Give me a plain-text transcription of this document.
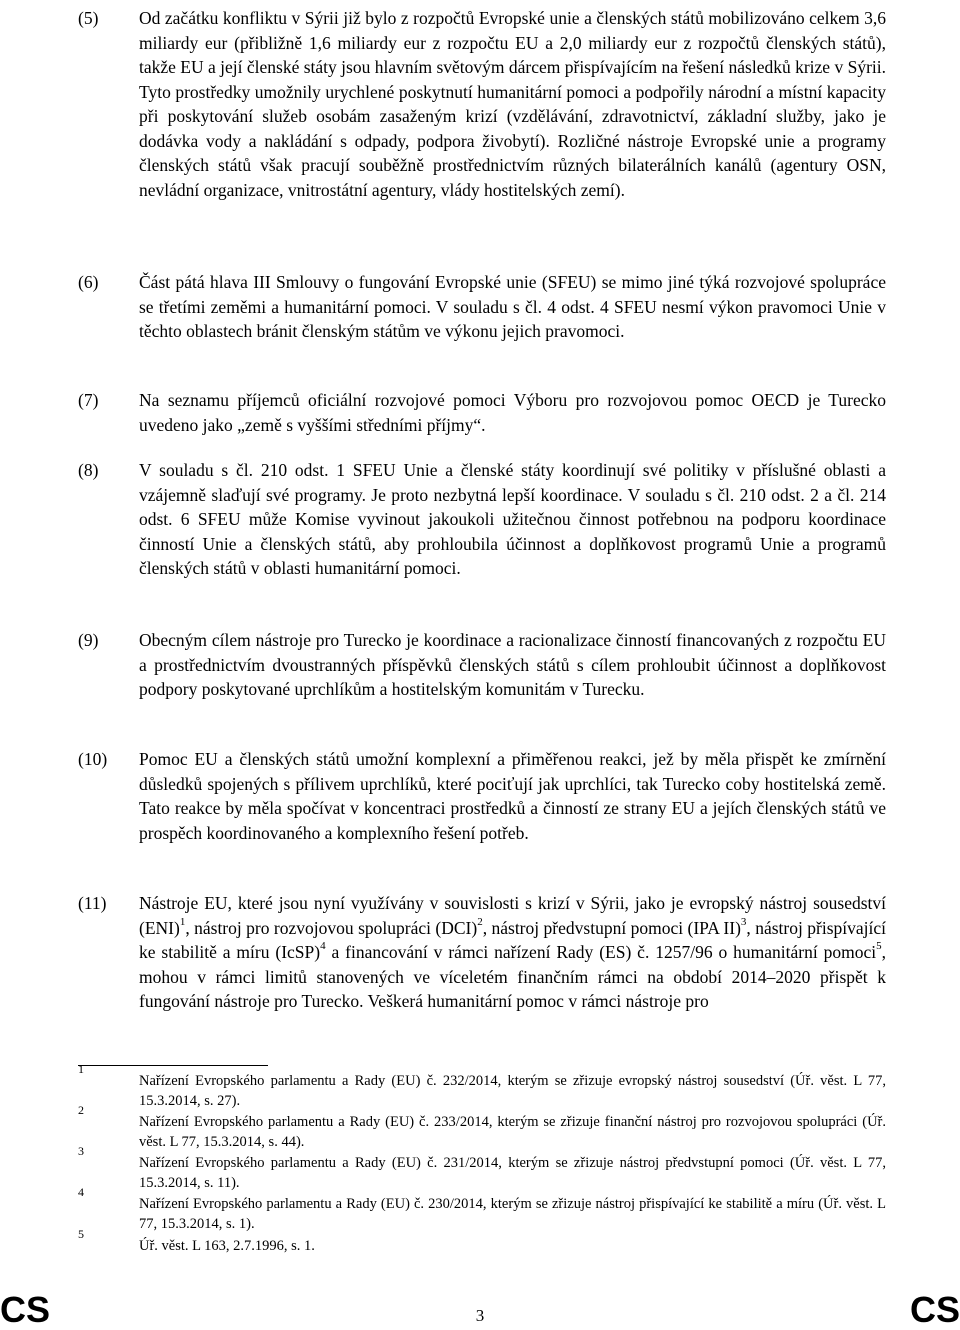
(5) Od začátku konfliktu v Sýrii již bylo z rozpočtů Evropské unie a členských států mobilizováno celkem 3,6 miliardy eur (přibližně 1,6 miliardy eur z rozpočtu EU a 2,0 miliardy eur z rozpočtů členských států), takže EU a její členské státy jsou hlavním světovým dárcem přispívajícím na řešení následků krize v Sýrii. Tyto prostředky umožnily urychlené poskytnutí humanitární pomoci a podpořily národní a místní kapacity při poskytování služeb osobám zasaženým krizí (vzdělávání, zdravotnictví, základní služby, jako je dodávka vody a nakládání s odpady, podpora živobytí). Rozličné nástroje Evropské unie a programy členských států však pracují souběžně prostřednictvím různých bilaterálních kanálů (agentury OSN, nevládní organizace, vnitrostátní agentury, vlády hostitelských zemí).
(6) Část pátá hlava III Smlouvy o fungování Evropské unie (SFEU) se mimo jiné týká rozvojové spolupráce se třetími zeměmi a humanitární pomoci. V souladu s čl. 4 odst. 4 SFEU nesmí výkon pravomoci Unie v těchto oblastech bránit členským státům ve výkonu jejich pravomoci.
(7) Na seznamu příjemců oficiální rozvojové pomoci Výboru pro rozvojovou pomoc OECD je Turecko uvedeno jako „země s vyššími středními příjmy“.
(8) V souladu s čl. 210 odst. 1 SFEU Unie a členské státy koordinují své politiky v příslušné oblasti a vzájemně slaďují své programy. Je proto nezbytná lepší koordinace. V souladu s čl. 210 odst. 2 a čl. 214 odst. 6 SFEU může Komise vyvinout jakoukoli užitečnou činnost potřebnou na podporu koordinace činností Unie a členských států, aby prohloubila účinnost a doplňkovost programů Unie a programů členských států v oblasti humanitární pomoci.
(9) Obecným cílem nástroje pro Turecko je koordinace a racionalizace činností financovaných z rozpočtu EU a prostřednictvím dvoustranných příspěvků členských států s cílem prohloubit účinnost a doplňkovost podpory poskytované uprchlíkům a hostitelským komunitám v Turecku.
(10) Pomoc EU a členských států umožní komplexní a přiměřenou reakci, jež by měla přispět ke zmírnění důsledků spojených s přílivem uprchlíků, které pociťují jak uprchlíci, tak Turecko coby hostitelská země. Tato reakce by měla spočívat v koncentraci prostředků a činností ze strany EU a jejích členských států ve prospěch koordinovaného a komplexního řešení potřeb.
(11) Nástroje EU, které jsou nyní využívány v souvislosti s krizí v Sýrii, jako je evropský nástroj sousedství (ENI)$^1$, nástroj pro rozvojovou spolupráci (DCI)$^2$, nástroj předvstupní pomoci (IPA II)$^3$, nástroj přispívající ke stabilitě a míru (IcSP)$^4$ a financování v rámci nařízení Rady (ES) č. 1257/96 o humanitární pomoci$^5$, mohou v rámci limitů stanovených ve víceletém finančním rámci na období 2014–2020 přispět k fungování nástroje pro Turecko. Veškerá humanitární pomoc v rámci nástroje pro
1
Nařízení Evropského parlamentu a Rady (EU) č. 232/2014, kterým se zřizuje evropský nástroj sousedství (Úř. věst. L 77, 15.3.2014, s. 27).
2
Nařízení Evropského parlamentu a Rady (EU) č. 233/2014, kterým se zřizuje finanční nástroj pro rozvojovou spolupráci (Úř. věst. L 77, 15.3.2014, s. 44).
3
Nařízení Evropského parlamentu a Rady (EU) č. 231/2014, kterým se zřizuje nástroj předvstupní pomoci (Úř. věst. L 77, 15.3.2014, s. 11).
4
Nařízení Evropského parlamentu a Rady (EU) č. 230/2014, kterým se zřizuje nástroj přispívající ke stabilitě a míru (Úř. věst. L 77, 15.3.2014, s. 1).
5
Úř. věst. L 163, 2.7.1996, s. 1.
CS	3	CS
